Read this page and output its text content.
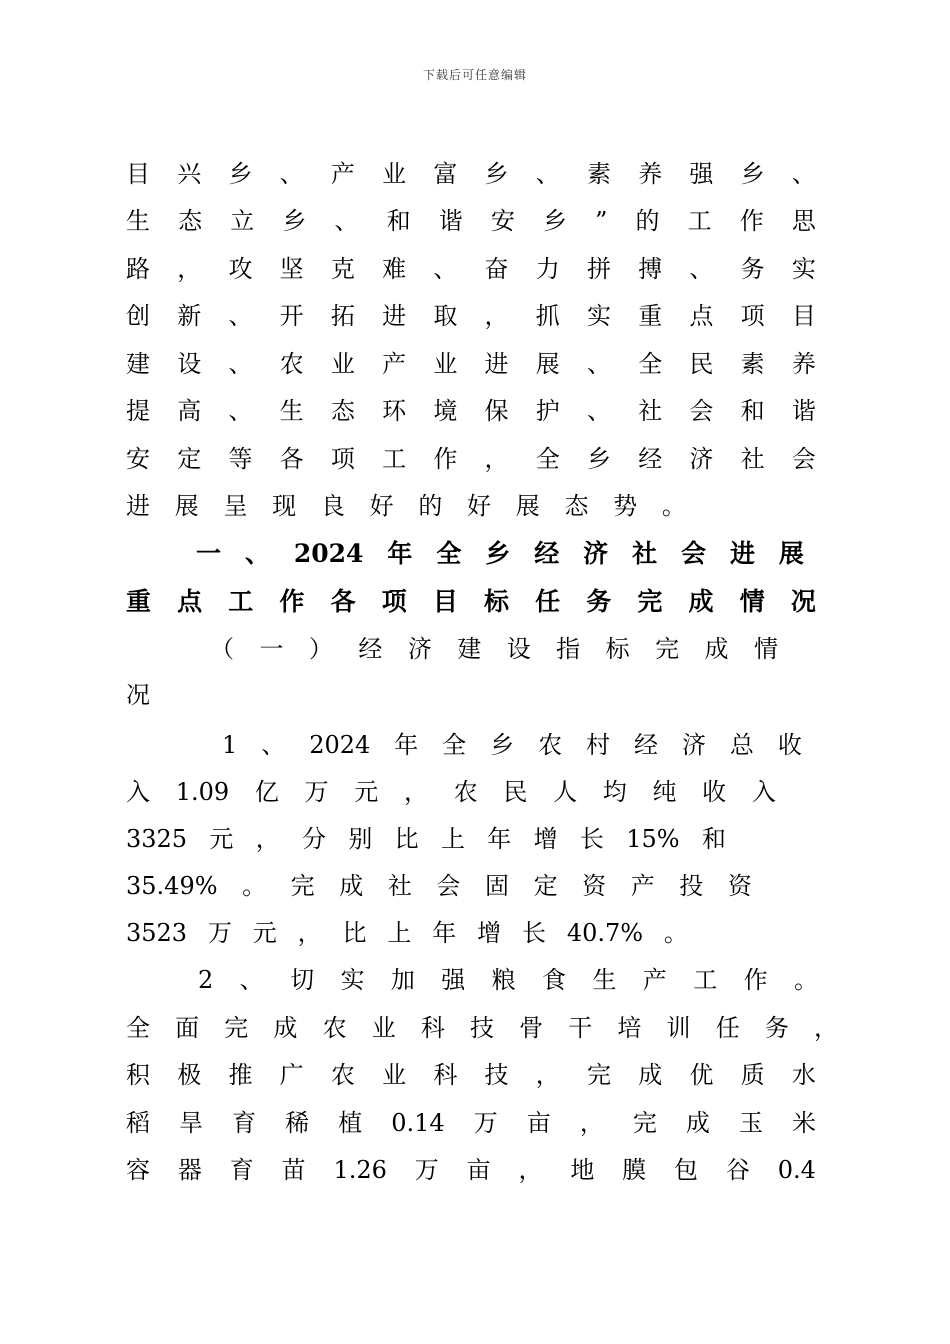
下载后可任意编辑
目 兴 乡 、 产 业 富 乡 、 素 养 强 乡 、
生 态 立 乡 、 和 谐 安 乡 ” 的 工 作 思
路 ， 攻 坚 克 难 、 奋 力 拼 搏 、 务 实
创 新 、 开 拓 进 取 ， 抓 实 重 点 项 目
建 设 、 农 业 产 业 进 展 、 全 民 素 养
提 高 、 生 态 环 境 保 护 、 社 会 和 谐
安 定 等 各 项 工 作 ， 全 乡 经 济 社 会
进 展 呈 现 良 好 的 好 展 态 势 。
一 、 2024 年 全 乡 经 济 社 会 进 展
重 点 工 作 各 项 目 标 任 务 完 成 情 况
（ 一 ） 经 济 建 设 指 标 完 成 情
况
1 、 2024 年 全 乡 农 村 经 济 总 收
入 1.09 亿 万 元 ， 农 民 人 均 纯 收 入
3325 元 ， 分 别 比 上 年 增 长 15% 和
35.49% 。 完 成 社 会 固 定 资 产 投 资
3523 万 元 ， 比 上 年 增 长 40.7% 。
2 、 切 实 加 强 粮 食 生 产 工 作 。
全 面 完 成 农 业 科 技 骨 干 培 训 任 务 ，
积 极 推 广 农 业 科 技 ， 完 成 优 质 水
稻 旱 育 稀 植 0.14 万 亩 ， 完 成 玉 米
容 器 育 苗 1.26 万 亩 ， 地 膜 包 谷 0.4
